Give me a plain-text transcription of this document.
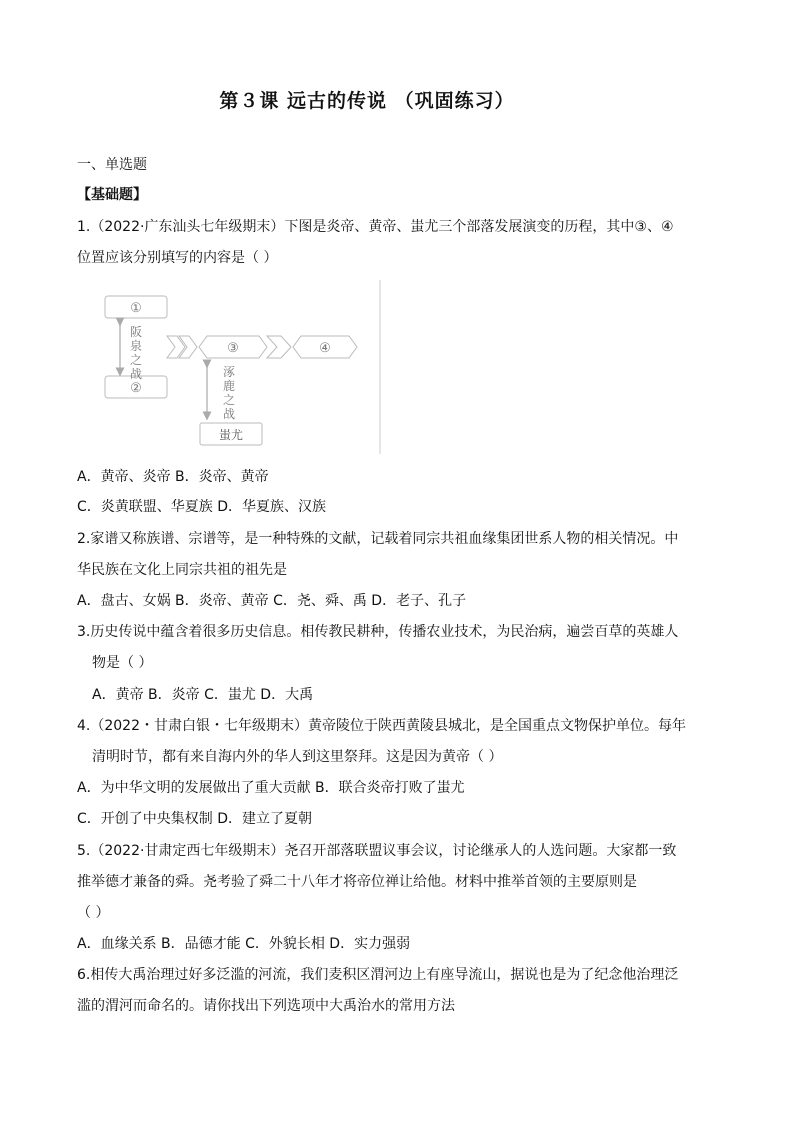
第３课 远古的传说 （巩固练习）
一、单选题
【基础题】
1.（2022·广东汕头七年级期末）下图是炎帝、黄帝、蚩尤三个部落发展演变的历程，其中③、④
位置应该分别填写的内容是（ ）
①
②
阪
泉
之
战
③	④
涿
鹿
之
战
蚩尤
A．黄帝、炎帝 B．炎帝、黄帝
C．炎黄联盟、华夏族 D．华夏族、汉族
2.家谱又称族谱、宗谱等，是一种特殊的文献，记载着同宗共祖血缘集团世系人物的相关情况。中
华民族在文化上同宗共祖的祖先是
A．盘古、女娲 B．炎帝、黄帝 C．尧、舜、禹 D．老子、孔子
3.历史传说中蕴含着很多历史信息。相传教民耕种，传播农业技术，为民治病，遍尝百草的英雄人
物是（ ）
A．黄帝 B．炎帝 C．蚩尤 D．大禹
4.（2022・甘肃白银・七年级期末）黄帝陵位于陕西黄陵县城北，是全国重点文物保护单位。每年
清明时节，都有来自海内外的华人到这里祭拜。这是因为黄帝（ ）
A．为中华文明的发展做出了重大贡献 B．联合炎帝打败了蚩尤
C．开创了中央集权制 D．建立了夏朝
5.（2022·甘肃定西七年级期末）尧召开部落联盟议事会议，讨论继承人的人选问题。大家都一致
推举德才兼备的舜。尧考验了舜二十八年才将帝位禅让给他。材料中推举首领的主要原则是
（ ）
A．血缘关系 B．品德才能 C．外貌长相 D．实力强弱
6.相传大禹治理过好多泛滥的河流，我们麦积区渭河边上有座导流山，据说也是为了纪念他治理泛
滥的渭河而命名的。请你找出下列选项中大禹治水的常用方法
